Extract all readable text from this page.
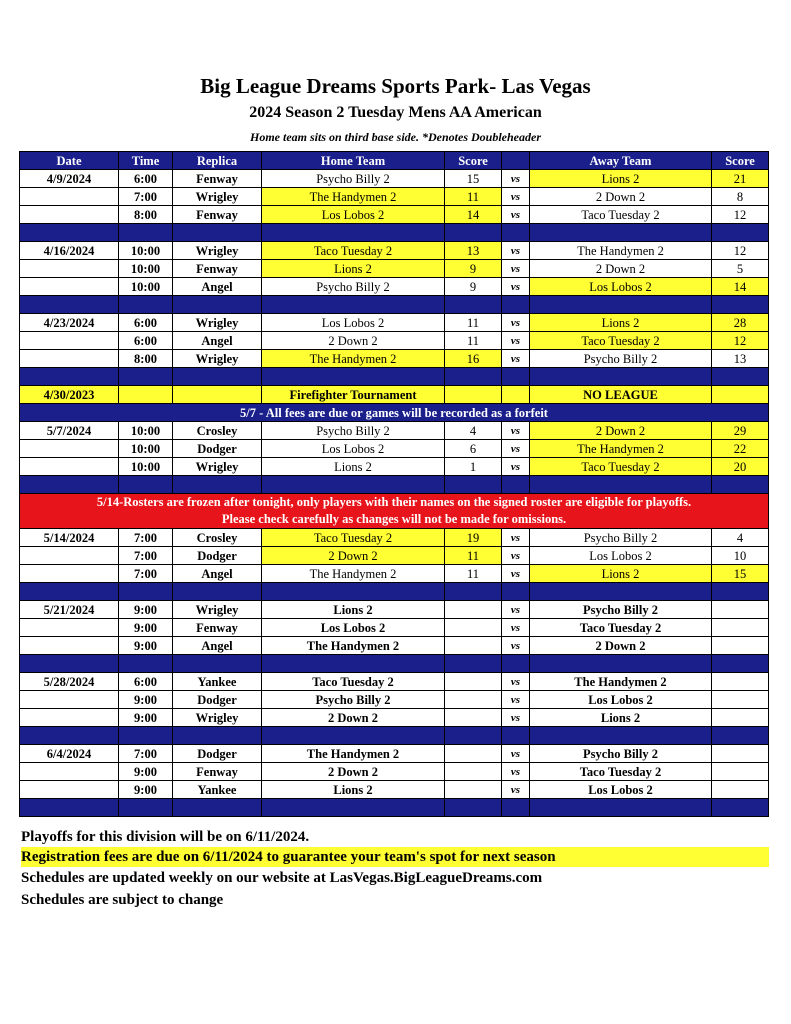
Big League Dreams Sports Park- Las Vegas
2024 Season 2 Tuesday Mens AA American
Home team sits on third base side. *Denotes Doubleheader
Date	Time	Replica	Home Team	Score		Away Team	Score
4/9/2024	6:00	Fenway	Psycho Billy 2	15	vs	Lions 2	21
	7:00	Wrigley	The Handymen 2	11	vs	2 Down 2	8
	8:00	Fenway	Los Lobos 2	14	vs	Taco Tuesday 2	12

4/16/2024	10:00	Wrigley	Taco Tuesday 2	13	vs	The Handymen 2	12
	10:00	Fenway	Lions 2	9	vs	2 Down 2	5
	10:00	Angel	Psycho Billy 2	9	vs	Los Lobos 2	14

4/23/2024	6:00	Wrigley	Los Lobos 2	11	vs	Lions 2	28
	6:00	Angel	2 Down 2	11	vs	Taco Tuesday 2	12
	8:00	Wrigley	The Handymen 2	16	vs	Psycho Billy 2	13

4/30/2023			Firefighter Tournament			NO LEAGUE	
5/7 - All fees are due or games will be recorded as a forfeit							
5/7/2024	10:00	Crosley	Psycho Billy 2	4	vs	2 Down 2	29
	10:00	Dodger	Los Lobos 2	6	vs	The Handymen 2	22
	10:00	Wrigley	Lions 2	1	vs	Taco Tuesday 2	20

5/14-Rosters are frozen after tonight, only players with their names on the signed roster are eligible for playoffs.
Please check carefully as changes will not be made for omissions.							
5/14/2024	7:00	Crosley	Taco Tuesday 2	19	vs	Psycho Billy 2	4
	7:00	Dodger	2 Down 2	11	vs	Los Lobos 2	10
	7:00	Angel	The Handymen 2	11	vs	Lions 2	15

5/21/2024	9:00	Wrigley	Lions 2		vs	Psycho Billy 2	
	9:00	Fenway	Los Lobos 2		vs	Taco Tuesday 2	
	9:00	Angel	The Handymen 2		vs	2 Down 2	

5/28/2024	6:00	Yankee	Taco Tuesday 2		vs	The Handymen 2	
	9:00	Dodger	Psycho Billy 2		vs	Los Lobos 2	
	9:00	Wrigley	2 Down 2		vs	Lions 2	

6/4/2024	7:00	Dodger	The Handymen 2		vs	Psycho Billy 2	
	9:00	Fenway	2 Down 2		vs	Taco Tuesday 2	
	9:00	Yankee	Lions 2		vs	Los Lobos 2	

Playoffs for this division will be on 6/11/2024.
Registration fees are due on 6/11/2024 to guarantee your team's spot for next season
Schedules are updated weekly on our website at LasVegas.BigLeagueDreams.com
Schedules are subject to change
